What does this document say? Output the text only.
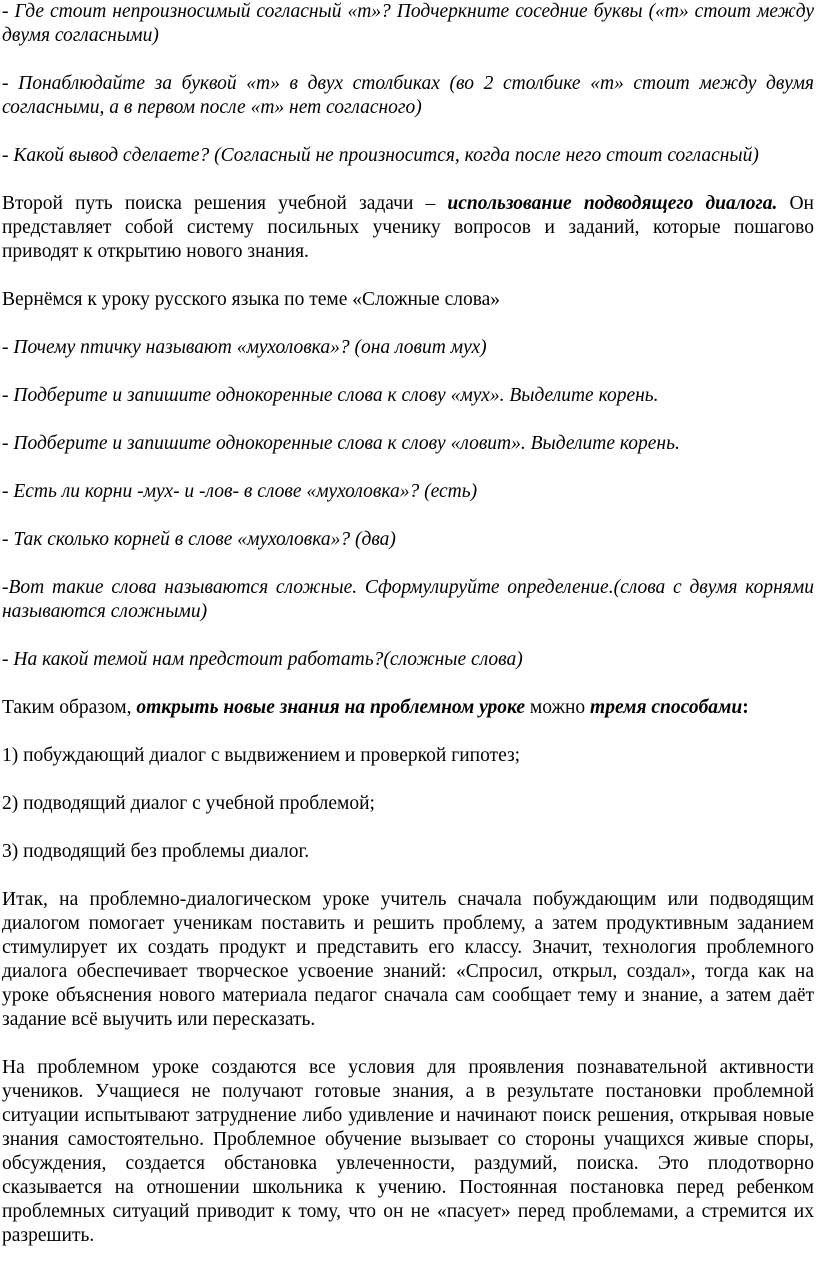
- Где стоит непроизносимый согласный «т»? Подчеркните соседние буквы («т» стоит между двумя согласными)

- Понаблюдайте за буквой «т» в двух столбиках (во 2 столбике «т» стоит между двумя согласными, а в первом после «т» нет согласного)

- Какой вывод сделаете? (Согласный не произносится, когда после него стоит согласный)

Второй путь поиска решения учебной задачи – использование подводящего диалога. Он представляет собой систему посильных ученику вопросов и заданий, которые пошагово приводят к открытию нового знания.

Вернёмся к уроку русского языка по теме «Сложные слова»

- Почему птичку называют «мухоловка»? (она ловит мух)

- Подберите и запишите однокоренные слова к слову «мух». Выделите корень.

- Подберите и запишите однокоренные слова к слову «ловит». Выделите корень.

- Есть ли корни -мух- и -лов- в слове «мухоловка»? (есть)

- Так сколько корней в слове «мухоловка»? (два)

-Вот такие слова называются сложные. Сформулируйте определение.(слова с двумя корнями называются сложными)

- На какой темой нам предстоит работать?(сложные слова)

Таким образом, открыть новые знания на проблемном уроке можно тремя способами:

1) побуждающий диалог с выдвижением и проверкой гипотез;

2) подводящий диалог с учебной проблемой;

3) подводящий без проблемы диалог.

Итак, на проблемно-диалогическом уроке учитель сначала побуждающим или подводящим диалогом помогает ученикам поставить и решить проблему, а затем продуктивным заданием стимулирует их создать продукт и представить его классу. Значит, технология проблемного диалога обеспечивает творческое усвоение знаний: «Спросил, открыл, создал», тогда как на уроке объяснения нового материала педагог сначала сам сообщает тему и знание, а затем даёт задание всё выучить или пересказать.

На проблемном уроке создаются все условия для проявления познавательной активности учеников. Учащиеся не получают готовые знания, а в результате постановки проблемной ситуации испытывают затруднение либо удивление и начинают поиск решения, открывая новые знания самостоятельно. Проблемное обучение вызывает со стороны учащихся живые споры, обсуждения, создается обстановка увлеченности, раздумий, поиска. Это плодотворно сказывается на отношении школьника к учению. Постоянная постановка перед ребенком проблемных ситуаций приводит к тому, что он не «пасует» перед проблемами, а стремится их разрешить.
